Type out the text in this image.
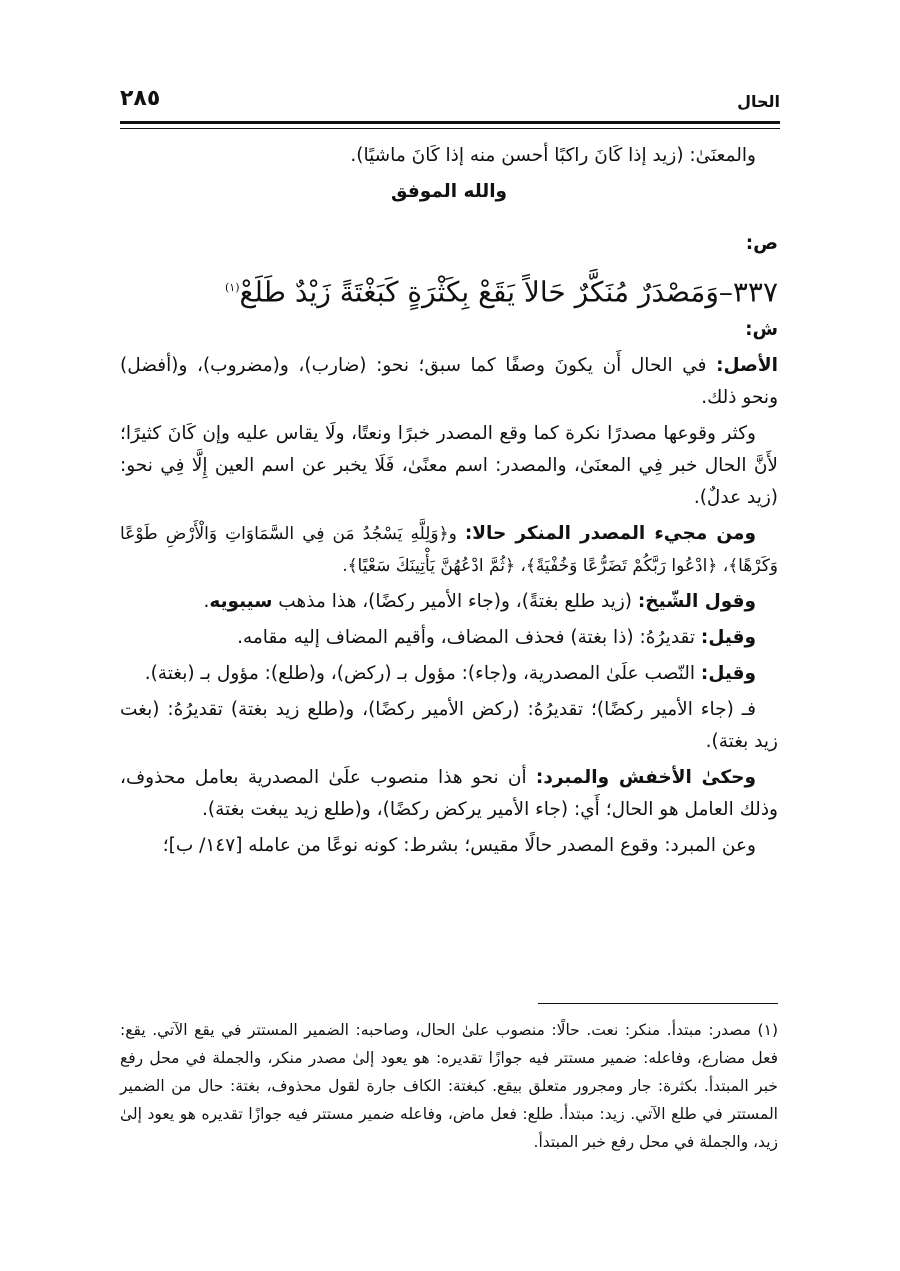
٢٨٥	الحال

والمعنَىٰ: (زيد إذا كَانَ راكبًا أحسن منه إذا كَانَ ماشيًا).

والله الموفق

ص:

٣٣٧–وَمَصْدَرٌ مُنَكَّرٌ حَالاً يَقَعْ بِكَثْرَةٍ كَبَغْتَةً زَيْدٌ طَلَعْ$^{(١)}$

ش:

الأصل: في الحال أَن يكونَ وصفًا كما سبق؛ نحو: (ضارب)، و(مضروب)، و(أفضل) ونحو ذلك.

وكثر وقوعها مصدرًا نكرة كما وقع المصدر خبرًا ونعتًا، ولَا يقاس عليه وإن كَانَ كثيرًا؛ لأَنَّ الحال خبر فِي المعنَىٰ، والمصدر: اسم معنًىٰ، فَلَا يخبر عن اسم العين إِلَّا فِي نحو: (زيد عدلٌ).

ومن مجيء المصدر المنكر حالا: و﴿وَلِلَّهِ يَسْجُدُ مَن فِي السَّمَاوَاتِ وَالْأَرْضِ طَوْعًا وَكَرْهًا﴾، ﴿ادْعُوا رَبَّكُمْ تَضَرُّعًا وَخُفْيَةً﴾، ﴿ثُمَّ ادْعُهُنَّ يَأْتِينَكَ سَعْيًا﴾.

وقول الشّيخ: (زيد طلع بغتةً)، و(جاء الأمير ركضًا)، هذا مذهب سيبويه.

وقيل: تقديرُهُ: (ذا بغتة) فحذف المضاف، وأقيم المضاف إليه مقامه.

وقيل: النّصب علَىٰ المصدرية، و(جاء): مؤول بـ (ركض)، و(طلع): مؤول بـ (بغتة).

فـ (جاء الأمير ركضًا)؛ تقديرُهُ: (ركض الأمير ركضًا)، و(طلع زيد بغتة) تقديرُهُ: (بغت زيد بغتة).

وحكىٰ الأخفش والمبرد: أن نحو هذا منصوب علَىٰ المصدرية بعامل محذوف، وذلك العامل هو الحال؛ أَي: (جاء الأمير يركض ركضًا)، و(طلع زيد يبغت بغتة).

وعن المبرد: وقوع المصدر حالًا مقيس؛ بشرط: كونه نوعًا من عامله [١٤٧/ ب]؛

(١) مصدر: مبتدأ. منكر: نعت. حالًا: منصوب علىٰ الحال، وصاحبه: الضمير المستتر في يقع الآتي. يقع: فعل مضارع، وفاعله: ضمير مستتر فيه جوازًا تقديره: هو يعود إلىٰ مصدر منكر، والجملة في محل رفع خبر المبتدأ. بكثرة: جار ومجرور متعلق بيقع. كبغتة: الكاف جارة لقول محذوف، بغتة: حال من الضمير المستتر في طلع الآتي. زيد: مبتدأ. طلع: فعل ماض، وفاعله ضمير مستتر فيه جوازًا تقديره هو يعود إلىٰ زيد، والجملة في محل رفع خبر المبتدأ.
